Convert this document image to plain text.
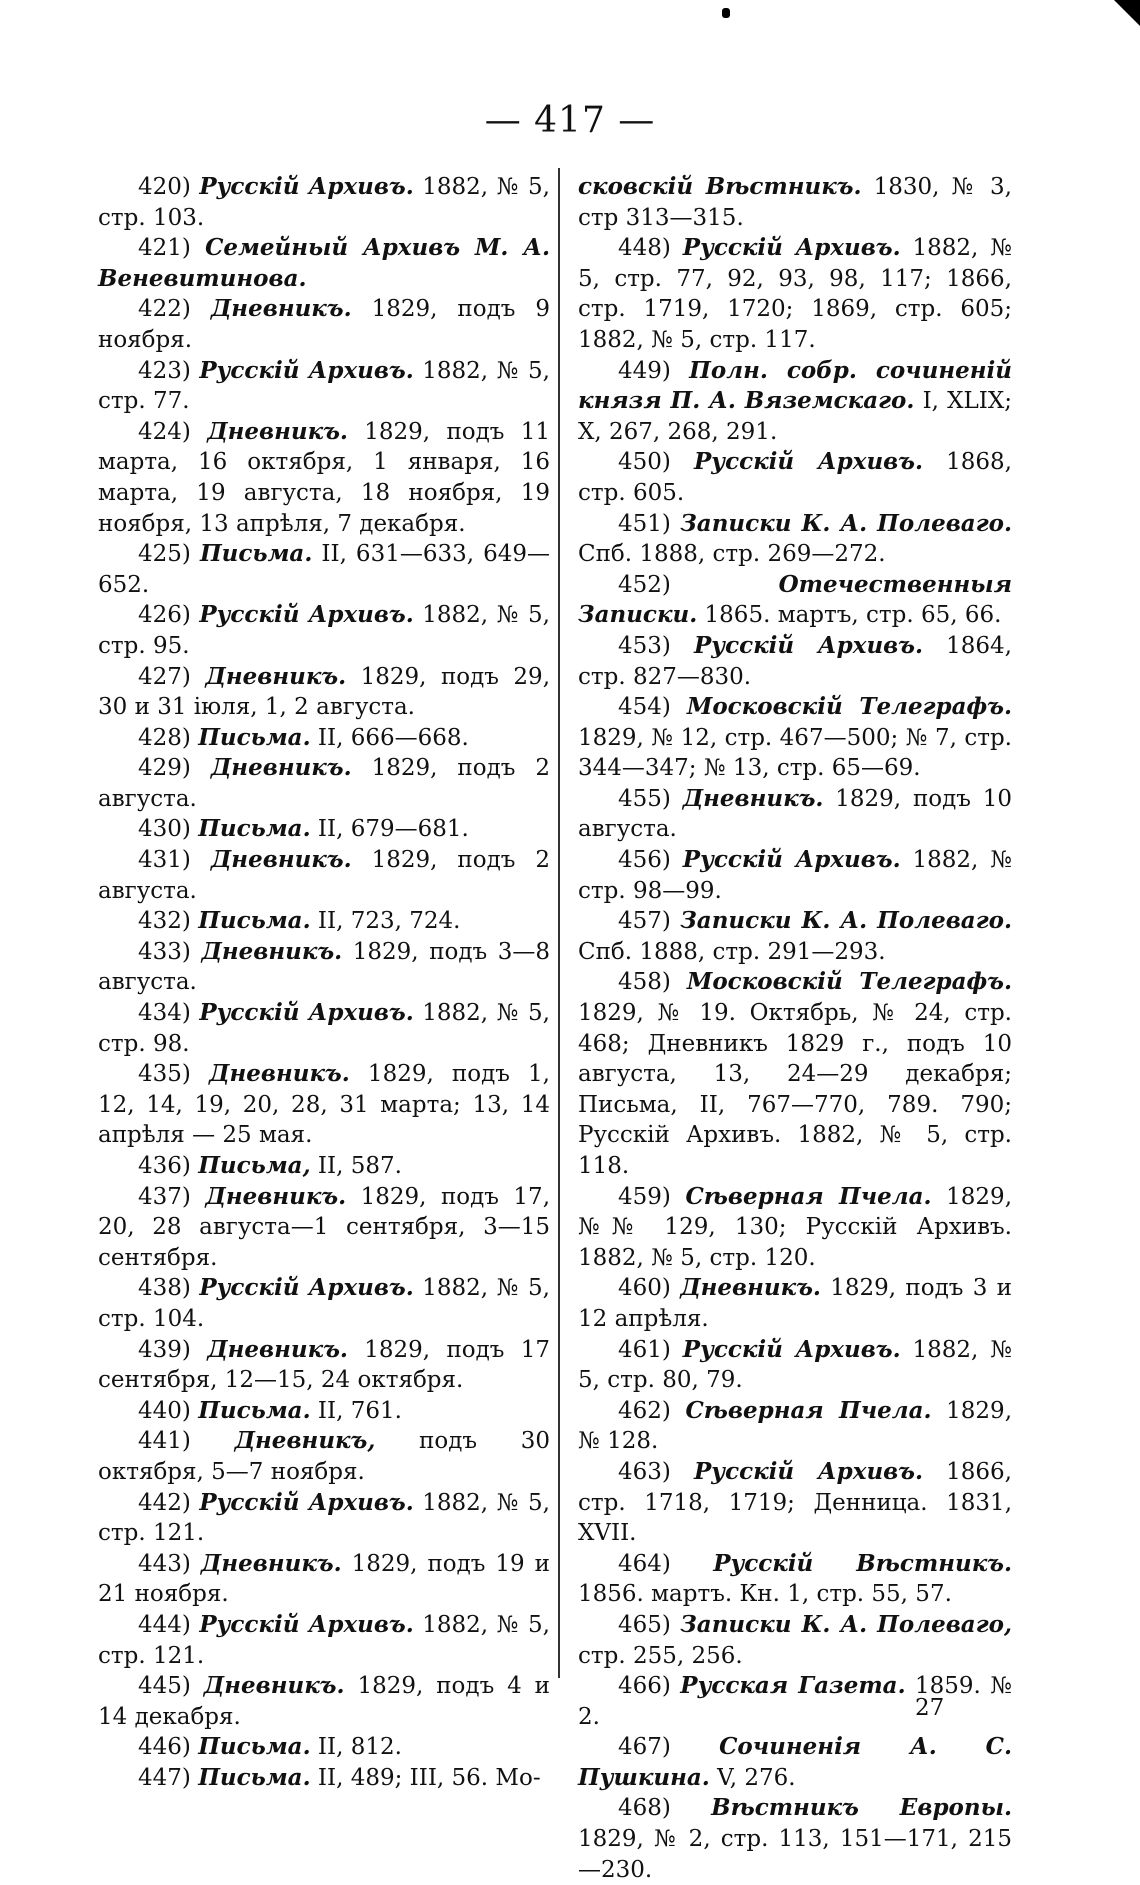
— 417 —

420) Русскій Архивъ. 1882, № 5, стр. 103.

421) Семейный Архивъ М. А. Веневитинова.

422) Дневникъ. 1829, подъ 9 ноября.

423) Русскій Архивъ. 1882, № 5, стр. 77.

424) Дневникъ. 1829, подъ 11 марта, 16 октября, 1 января, 16 марта, 19 августа, 18 ноября, 19 ноября, 13 апрѣля, 7 декабря.

425) Письма. II, 631—633, 649—652.

426) Русскій Архивъ. 1882, № 5, стр. 95.

427) Дневникъ. 1829, подъ 29, 30 и 31 іюля, 1, 2 августа.

428) Письма. II, 666—668.

429) Дневникъ. 1829, подъ 2 августа.

430) Письма. II, 679—681.

431) Дневникъ. 1829, подъ 2 августа.

432) Письма. II, 723, 724.

433) Дневникъ. 1829, подъ 3—8 августа.

434) Русскій Архивъ. 1882, № 5, стр. 98.

435) Дневникъ. 1829, подъ 1, 12, 14, 19, 20, 28, 31 марта; 13, 14 апрѣля — 25 мая.

436) Письма, II, 587.

437) Дневникъ. 1829, подъ 17, 20, 28 августа—1 сентября, 3—15 сентября.

438) Русскій Архивъ. 1882, № 5, стр. 104.

439) Дневникъ. 1829, подъ 17 сентября, 12—15, 24 октября.

440) Письма. II, 761.

441) Дневникъ, подъ 30 октября, 5—7 ноября.

442) Русскій Архивъ. 1882, № 5, стр. 121.

443) Дневникъ. 1829, подъ 19 и 21 ноября.

444) Русскій Архивъ. 1882, № 5, стр. 121.

445) Дневникъ. 1829, подъ 4 и 14 декабря.

446) Письма. II, 812.

447) Письма. II, 489; III, 56. Мо-

сковскій Вѣстникъ. 1830, № 3, стр 313—315.

448) Русскій Архивъ. 1882, № 5, стр. 77, 92, 93, 98, 117; 1866, стр. 1719, 1720; 1869, стр. 605; 1882, № 5, стр. 117.

449) Полн. собр. сочиненій князя П. А. Вяземскаго. I, XLIX; X, 267, 268, 291.

450) Русскій Архивъ. 1868, стр. 605.

451) Записки К. А. Полеваго. Спб. 1888, стр. 269—272.

452)	Отечественныя Записки. 1865. мартъ, стр. 65, 66.

453) Русскій Архивъ. 1864, стр. 827—830.

454) Московскій Телеграфъ. 1829, № 12, стр. 467—500; № 7, стр. 344—347; № 13, стр. 65—69.

455) Дневникъ. 1829, подъ 10 августа.

456) Русскій Архивъ. 1882, № стр. 98—99.

457) Записки К. А. Полеваго. Спб. 1888, стр. 291—293.

458) Московскій Телеграфъ. 1829, № 19. Октябрь, № 24, стр. 468; Дневникъ 1829 г., подъ 10 августа, 13, 24—29 декабря; Письма, II, 767—770, 789. 790; Русскій Архивъ. 1882, № 5, стр. 118.

459) Сѣверная Пчела. 1829, №№ 129, 130; Русскій Архивъ. 1882, № 5, стр. 120.

460) Дневникъ. 1829, подъ 3 и 12 апрѣля.

461) Русскій Архивъ. 1882, № 5, стр. 80, 79.

462) Сѣверная Пчела. 1829, № 128.

463) Русскій Архивъ. 1866, стр. 1718, 1719; Денница. 1831, XVII.

464) Русскій Вѣстникъ. 1856. мартъ. Кн. 1, стр. 55, 57.

465) Записки К. А. Полеваго, стр. 255, 256.

466) Русская Газета. 1859. № 2.

467) Сочиненія А. С. Пушкина. V, 276.

468) Вѣстникъ Европы. 1829, № 2, стр. 113, 151—171, 215—230.

27
